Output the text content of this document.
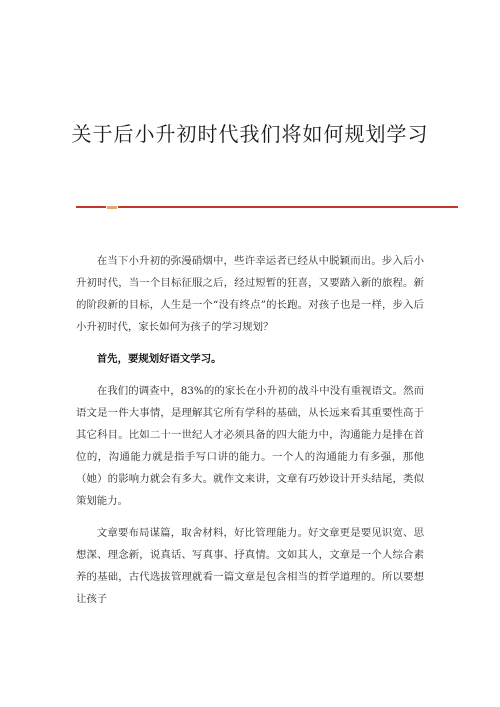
关于后小升初时代我们将如何规划学习

在当下小升初的弥漫硝烟中，些许幸运者已经从中脱颖而出。步入后小升初时代，当一个目标征服之后，经过短暂的狂喜，又要踏入新的旅程。新的阶段新的目标，人生是一个“没有终点”的长跑。对孩子也是一样，步入后小升初时代，家长如何为孩子的学习规划？

首先，要规划好语文学习。

在我们的调查中，83%的的家长在小升初的战斗中没有重视语文。然而语文是一件大事情，是理解其它所有学科的基础，从长远来看其重要性高于其它科目。比如二十一世纪人才必须具备的四大能力中，沟通能力是排在首位的，沟通能力就是指手写口讲的能力。一个人的沟通能力有多强，那他（她）的影响力就会有多大。就作文来讲，文章有巧妙设计开头结尾，类似策划能力。

文章要布局谋篇，取舍材料，好比管理能力。好文章更是要见识宽、思想深、理念新，说真话、写真事、抒真情。文如其人，文章是一个人综合素养的基础，古代选拔管理就看一篇文章是包含相当的哲学道理的。所以要想让孩子
